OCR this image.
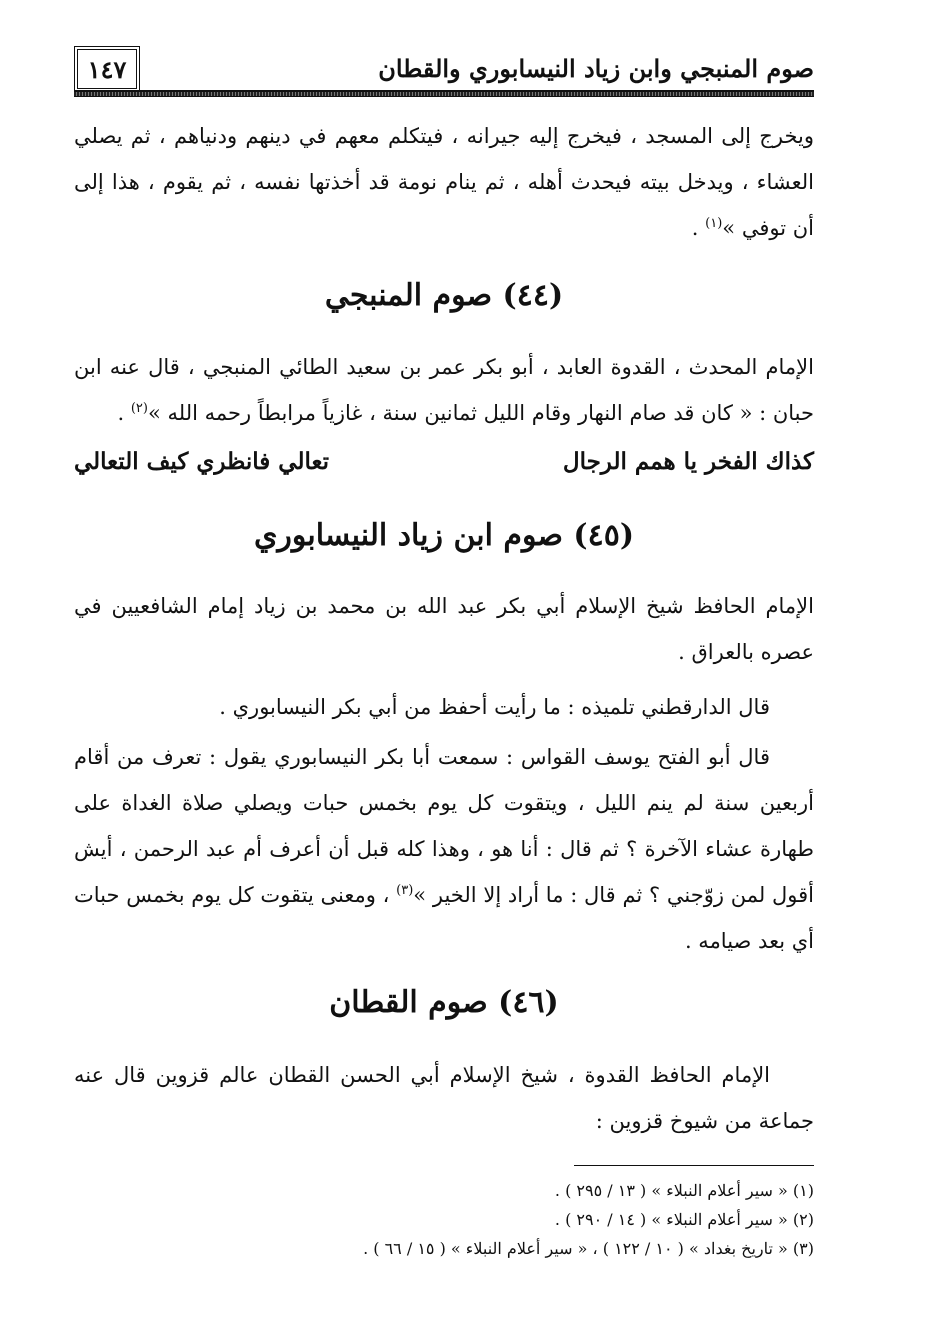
١٤٧	صوم المنبجي وابن زياد النيسابوري والقطان
ويخرج إلى المسجد ، فيخرج إليه جيرانه ، فيتكلم معهم في دينهم ودنياهم ، ثم يصلي العشاء ، ويدخل بيته فيحدث أهله ، ثم ينام نومة قد أخذتها نفسه ، ثم يقوم ، هذا إلى أن توفي »$^{(١)}$ .
(٤٤) صوم المنبجي
الإمام المحدث ، القدوة العابد ، أبو بكر عمر بن سعيد الطائي المنبجي ، قال عنه ابن حبان : « كان قد صام النهار وقام الليل ثمانين سنة ، غازياً مرابطاً رحمه الله »$^{(٢)}$ .
كذاك الفخر يا همم الرجال
تعالي فانظري كيف التعالي
(٤٥) صوم ابن زياد النيسابوري
الإمام الحافظ شيخ الإسلام أبي بكر عبد الله بن محمد بن زياد إمام الشافعيين في عصره بالعراق .
قال الدارقطني تلميذه : ما رأيت أحفظ من أبي بكر النيسابوري .
قال أبو الفتح يوسف القواس : سمعت أبا بكر النيسابوري يقول : تعرف من أقام أربعين سنة لم ينم الليل ، ويتقوت كل يوم بخمس حبات ويصلي صلاة الغداة على طهارة عشاء الآخرة ؟ ثم قال : أنا هو ، وهذا كله قبل أن أعرف أم عبد الرحمن ، أيش أقول لمن زوّجني ؟ ثم قال : ما أراد إلا الخير »$^{(٣)}$ ، ومعنى يتقوت كل يوم بخمس حبات أي بعد صيامه .
(٤٦) صوم القطان
الإمام الحافظ القدوة ، شيخ الإسلام أبي الحسن القطان عالم قزوين قال عنه جماعة من شيوخ قزوين :
(١) « سير أعلام النبلاء » ( ١٣ / ٢٩٥ ) .
(٢) « سير أعلام النبلاء » ( ١٤ / ٢٩٠ ) .
(٣) « تاريخ بغداد » ( ١٠ / ١٢٢ ) ، « سير أعلام النبلاء » ( ١٥ / ٦٦ ) .
